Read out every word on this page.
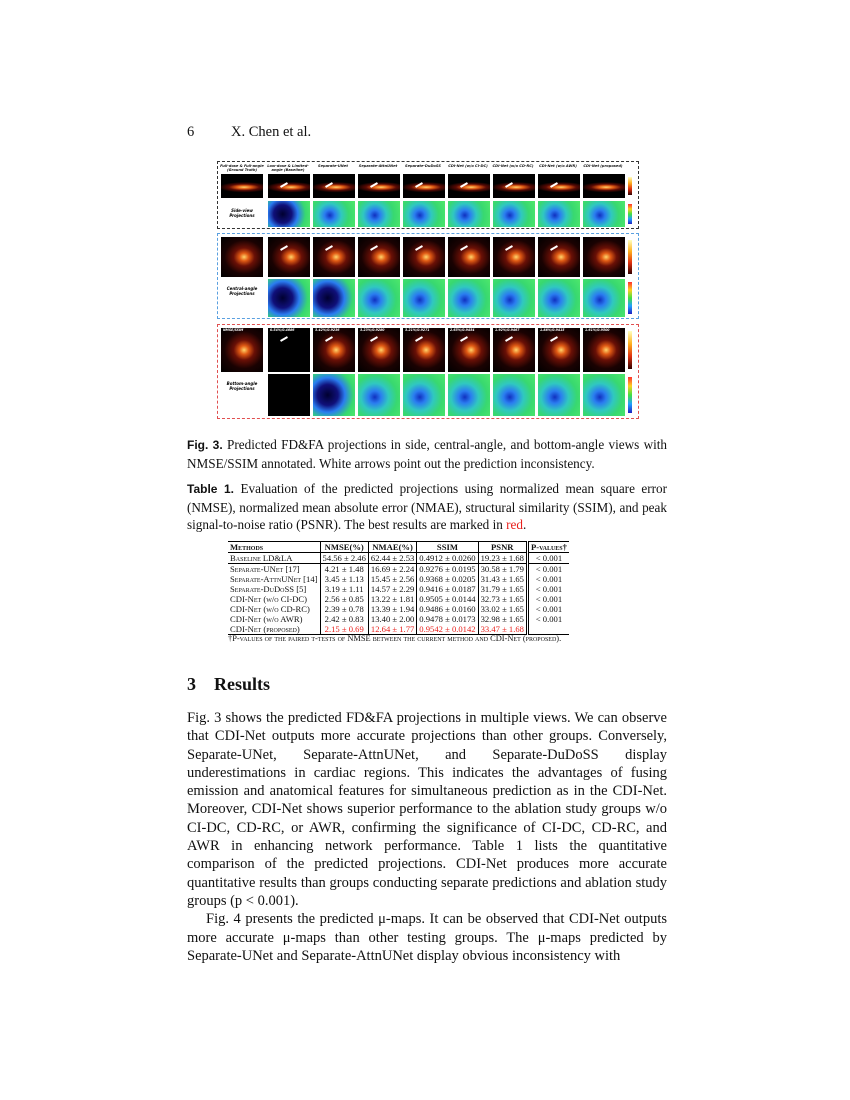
6	X. Chen et al.
Side-view Projections
Full-dose & Full-angle (Ground Truth)
Low-dose & Limited-angle (Baseline)
Separate-UNet	Separate-AttnUNet	Separate-DuDoSS	CDI-Net (w/o CI-DC)	CDI-Net (w/o CD-RC)	CDI-Net (w/o AWR)	CDI-Net (proposed)
Central-angle Projections
Bottom-angle Projections
NMSE/SSIM	0.54%/0.4686	3.42%/0.9236	3.23%/0.9280	3.21%/0.9271	2.65%/0.9454	1.92%/0.9467	1.88%/0.9415	1.61%/0.9500
Fig. 3. Predicted FD&FA projections in side, central-angle, and bottom-angle views with NMSE/SSIM annotated. White arrows point out the prediction inconsistency.
Table 1. Evaluation of the predicted projections using normalized mean square error (NMSE), normalized mean absolute error (NMAE), structural similarity (SSIM), and peak signal-to-noise ratio (PSNR). The best results are marked in red.
Methods	NMSE(%)	NMAE(%)	SSIM	PSNR	P-values†
Baseline LD&LA	54.56 ± 2.46	62.44 ± 2.53	0.4912 ± 0.0260	19.23 ± 1.68	< 0.001
Separate-UNet [17]	4.21 ± 1.48	16.69 ± 2.24	0.9276 ± 0.0195	30.58 ± 1.79	< 0.001
Separate-AttnUNet [14]	3.45 ± 1.13	15.45 ± 2.56	0.9368 ± 0.0205	31.43 ± 1.65	< 0.001
Separate-DuDoSS [5]	3.19 ± 1.11	14.57 ± 2.29	0.9416 ± 0.0187	31.79 ± 1.65	< 0.001
CDI-Net (w/o CI-DC)	2.56 ± 0.85	13.22 ± 1.81	0.9505 ± 0.0144	32.73 ± 1.65	< 0.001
CDI-Net (w/o CD-RC)	2.39 ± 0.78	13.39 ± 1.94	0.9486 ± 0.0160	33.02 ± 1.65	< 0.001
CDI-Net (w/o AWR)	2.42 ± 0.83	13.40 ± 2.00	0.9478 ± 0.0173	32.98 ± 1.65	< 0.001
CDI-Net (proposed)	2.15 ± 0.69	12.64 ± 1.77	0.9542 ± 0.0142	33.47 ± 1.68	
†P-values of the paired t-tests of NMSE between the current method and CDI-Net (proposed).
3 Results

Fig. 3 shows the predicted FD&FA projections in multiple views. We can observe that CDI-Net outputs more accurate projections than other groups. Conversely, Separate-UNet, Separate-AttnUNet, and Separate-DuDoSS display underestimations in cardiac regions. This indicates the advantages of fusing emission and anatomical features for simultaneous prediction as in the CDI-Net. Moreover, CDI-Net shows superior performance to the ablation study groups w/o CI-DC, CD-RC, or AWR, confirming the significance of CI-DC, CD-RC, and AWR in enhancing network performance. Table 1 lists the quantitative comparison of the predicted projections. CDI-Net produces more accurate quantitative results than groups conducting separate predictions and ablation study groups (p < 0.001).

Fig. 4 presents the predicted μ-maps. It can be observed that CDI-Net outputs more accurate μ-maps than other testing groups. The μ-maps predicted by Separate-UNet and Separate-AttnUNet display obvious inconsistency with
